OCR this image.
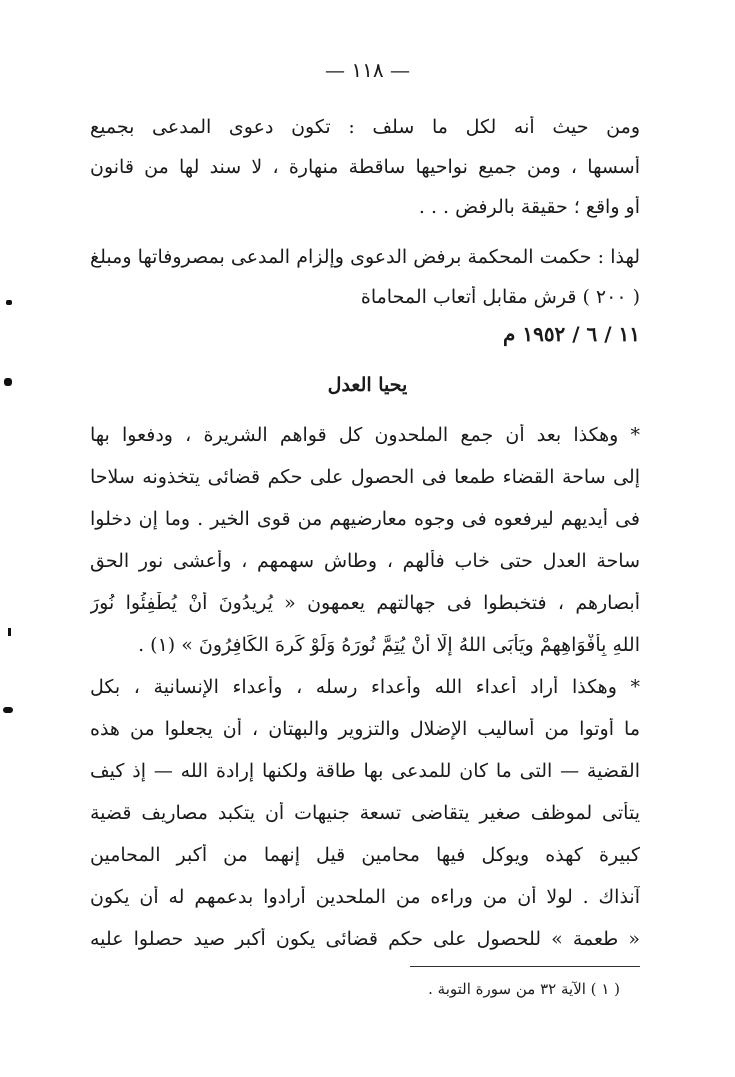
— ١١٨ —
ومن حيث أنه لكل ما سلف : تكون دعوى المدعى بجميع
أسسها ، ومن جميع نواحيها ساقطة منهارة ، لا سند لها من قانون
أو واقع ؛ حقيقة بالرفض . . .
لهذا : حكمت المحكمة برفض الدعوى وإلزام المدعى بمصروفاتها ومبلغ
( ٢٠٠ ) قرش مقابل أتعاب المحاماة
١١ / ٦ / ١٩٥٢ م
يحيا العدل
* وهكذا بعد أن جمع الملحدون كل قواهم الشريرة ، ودفعوا بها
إلى ساحة القضاء طمعا فى الحصول على حكم قضائى يتخذونه سلاحا
فى أيديهم ليرفعوه فى وجوه معارضيهم من قوى الخير . وما إن دخلوا
ساحة العدل حتى خاب فألهم ، وطاش سهمهم ، وأعشى نور الحق
أبصارهم ، فتخبطوا فى جهالتهم يعمهون « يُرِيدُونَ أَنْ يُطْفِئُوا نُورَ
اللهِ بِأَفْوَاهِهِمْ ويَأْبَى اللهُ إِلَّا أَنْ يُتِمَّ نُورَهُ وَلَوْ كَرِهَ الكَافِرُونَ » (١) .
* وهكذا أراد أعداء الله وأعداء رسله ، وأعداء الإنسانية ، بكل
ما أوتوا من أساليب الإضلال والتزوير والبهتان ، أن يجعلوا من هذه
القضية — التى ما كان للمدعى بها طاقة ولكنها إرادة الله — إذ كيف
يتأتى لموظف صغير يتقاضى تسعة جنيهات أن يتكبد مصاريف قضية
كبيرة كهذه ويوكل فيها محامين قيل إنهما من أكبر المحامين
آنذاك . لولا أن من وراءه من الملحدين أرادوا بدعمهم له أن يكون
« طعمة » للحصول على حكم قضائى يكون أكبر صيد حصلوا عليه
( ١ ) الآية ٣٢ من سورة التوبة .
